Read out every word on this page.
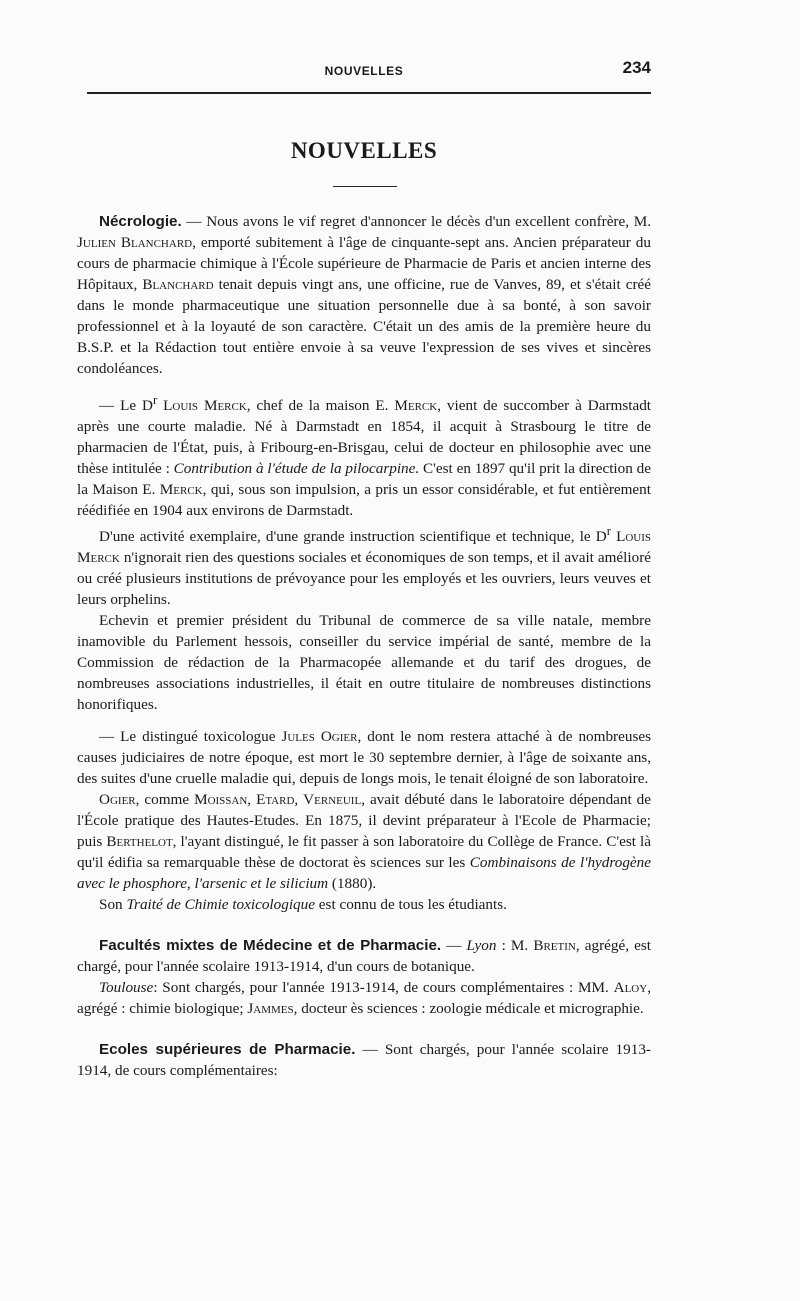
NOUVELLES	234
NOUVELLES

Nécrologie. — Nous avons le vif regret d'annoncer le décès d'un excellent confrère, M. Julien Blanchard, emporté subitement à l'âge de cinquante-sept ans. Ancien préparateur du cours de pharmacie chimique à l'École supérieure de Pharmacie de Paris et ancien interne des Hôpitaux, Blanchard tenait depuis vingt ans, une officine, rue de Vanves, 89, et s'était créé dans le monde pharmaceutique une situation personnelle due à sa bonté, à son savoir professionnel et à la loyauté de son caractère. C'était un des amis de la première heure du B.S.P. et la Rédaction tout entière envoie à sa veuve l'expression de ses vives et sincères condoléances.

— Le $D^r$ Louis Merck, chef de la maison E. Merck, vient de succomber à Darmstadt après une courte maladie. Né à Darmstadt en 1854, il acquit à Strasbourg le titre de pharmacien de l'État, puis, à Fribourg-en-Brisgau, celui de docteur en philosophie avec une thèse intitulée : Contribution à l'étude de la pilocarpine. C'est en 1897 qu'il prit la direction de la Maison E. Merck, qui, sous son impulsion, a pris un essor considérable, et fut entièrement réédifiée en 1904 aux environs de Darmstadt.

D'une activité exemplaire, d'une grande instruction scientifique et technique, le $D^r$ Louis Merck n'ignorait rien des questions sociales et économiques de son temps, et il avait amélioré ou créé plusieurs institutions de prévoyance pour les employés et les ouvriers, leurs veuves et leurs orphelins.

Echevin et premier président du Tribunal de commerce de sa ville natale, membre inamovible du Parlement hessois, conseiller du service impérial de santé, membre de la Commission de rédaction de la Pharmacopée allemande et du tarif des drogues, de nombreuses associations industrielles, il était en outre titulaire de nombreuses distinctions honorifiques.

— Le distingué toxicologue Jules Ogier, dont le nom restera attaché à de nombreuses causes judiciaires de notre époque, est mort le 30 septembre dernier, à l'âge de soixante ans, des suites d'une cruelle maladie qui, depuis de longs mois, le tenait éloigné de son laboratoire.

Ogier, comme Moissan, Etard, Verneuil, avait débuté dans le laboratoire dépendant de l'École pratique des Hautes-Etudes. En 1875, il devint préparateur à l'Ecole de Pharmacie; puis Berthelot, l'ayant distingué, le fit passer à son laboratoire du Collège de France. C'est là qu'il édifia sa remarquable thèse de doctorat ès sciences sur les Combinaisons de l'hydrogène avec le phosphore, l'arsenic et le silicium (1880).

Son Traité de Chimie toxicologique est connu de tous les étudiants.

Facultés mixtes de Médecine et de Pharmacie. — Lyon : M. Bretin, agrégé, est chargé, pour l'année scolaire 1913-1914, d'un cours de botanique.

Toulouse: Sont chargés, pour l'année 1913-1914, de cours complémentaires : MM. Aloy, agrégé : chimie biologique; Jammes, docteur ès sciences : zoologie médicale et micrographie.

Ecoles supérieures de Pharmacie. — Sont chargés, pour l'année scolaire 1913-1914, de cours complémentaires:
